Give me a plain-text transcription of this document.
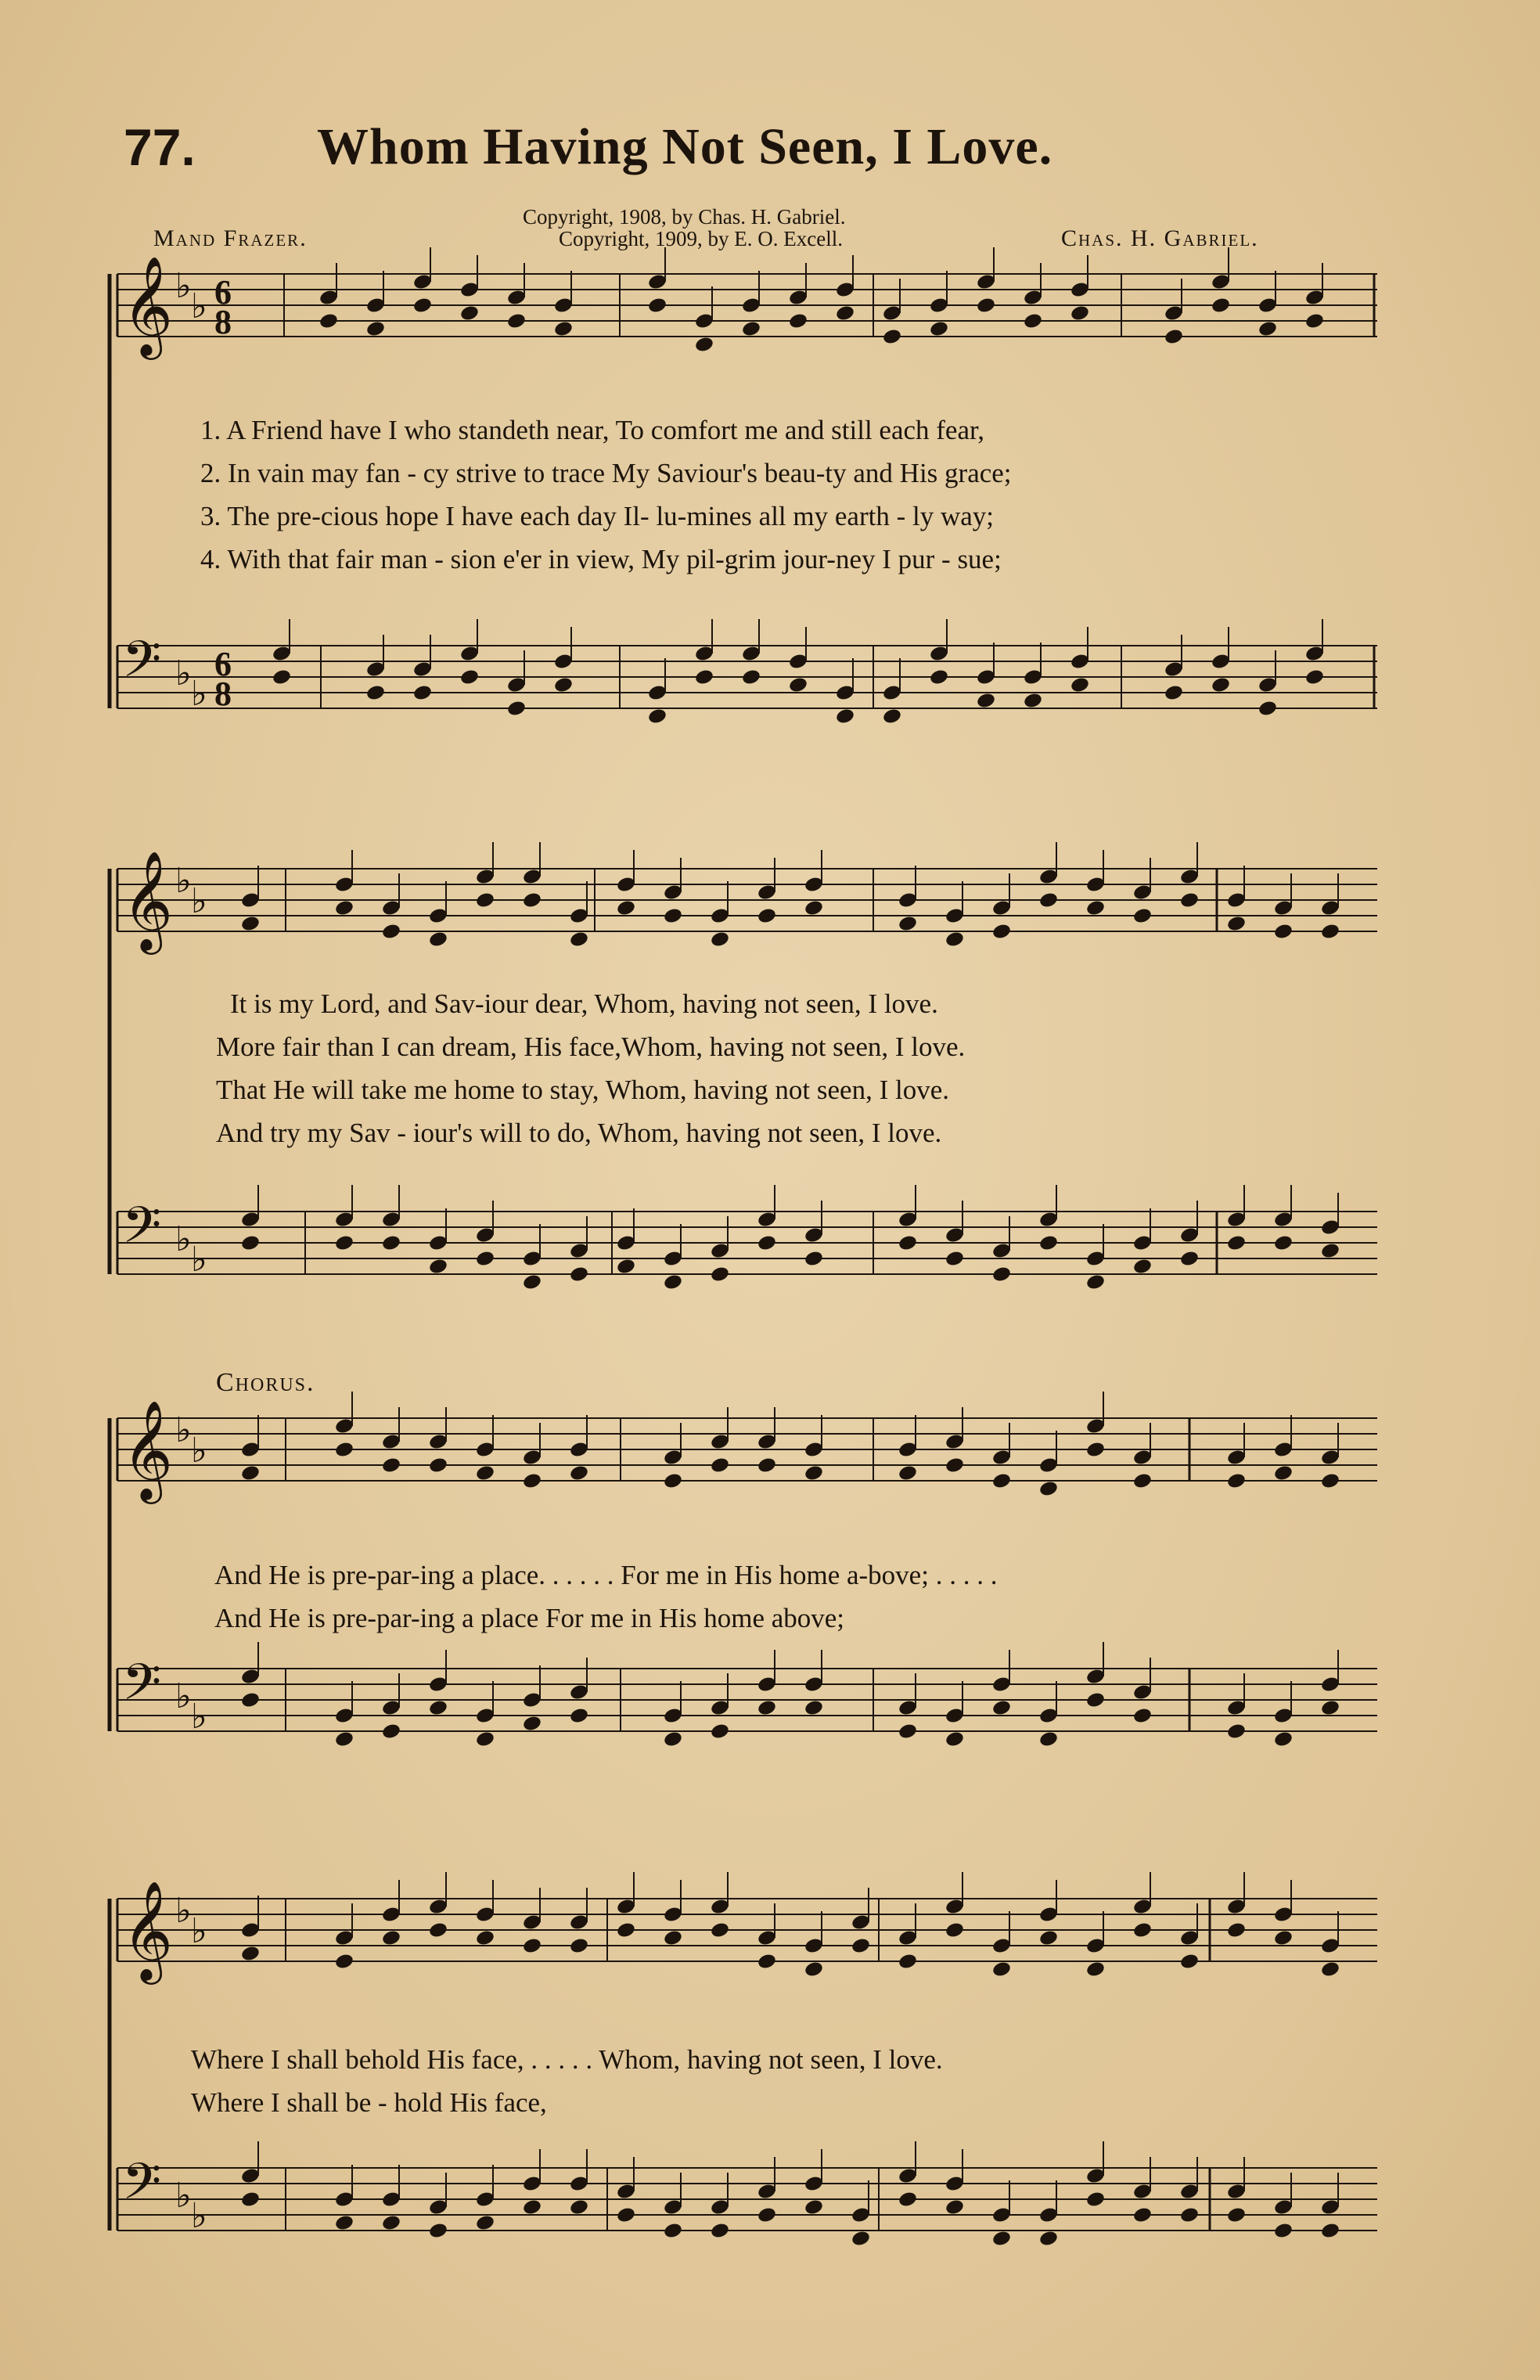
𝄞 ♭
♭ 6
8
𝄢 ♭
♭
6
8
𝄞 ♭
♭
𝄢 ♭
♭
𝄞 ♭
♭
𝄢 ♭
♭
𝄞 ♭
♭
𝄢 ♭
♭
77. Whom Having Not Seen, I Love.
Copyright, 1908, by Chas. H. Gabriel.
Copyright, 1909, by E. O. Excell.
Mand Frazer.	Chas. H. Gabriel.
1. A Friend have I who standeth near, To comfort me and still each fear,
2. In vain may fan - cy strive to trace My Saviour's beau-ty and His grace;
3. The pre-cious hope I have each day Il- lu-mines all my earth - ly way;
4. With that fair man - sion e'er in view, My pil-grim jour-ney I pur - sue;
It is my Lord, and Sav-iour dear, Whom, having not seen, I love.
More fair than I can dream, His face,Whom, having not seen, I love.
That He will take me home to stay, Whom, having not seen, I love.
And try my Sav - iour's will to do, Whom, having not seen, I love.
Chorus.
And He is pre-par-ing a place. . . . . . For me in His home a-bove; . . . . .
And He is pre-par-ing a place For me in His home above;
Where I shall behold His face, . . . . . Whom, having not seen, I love.
Where I shall be - hold His face,
